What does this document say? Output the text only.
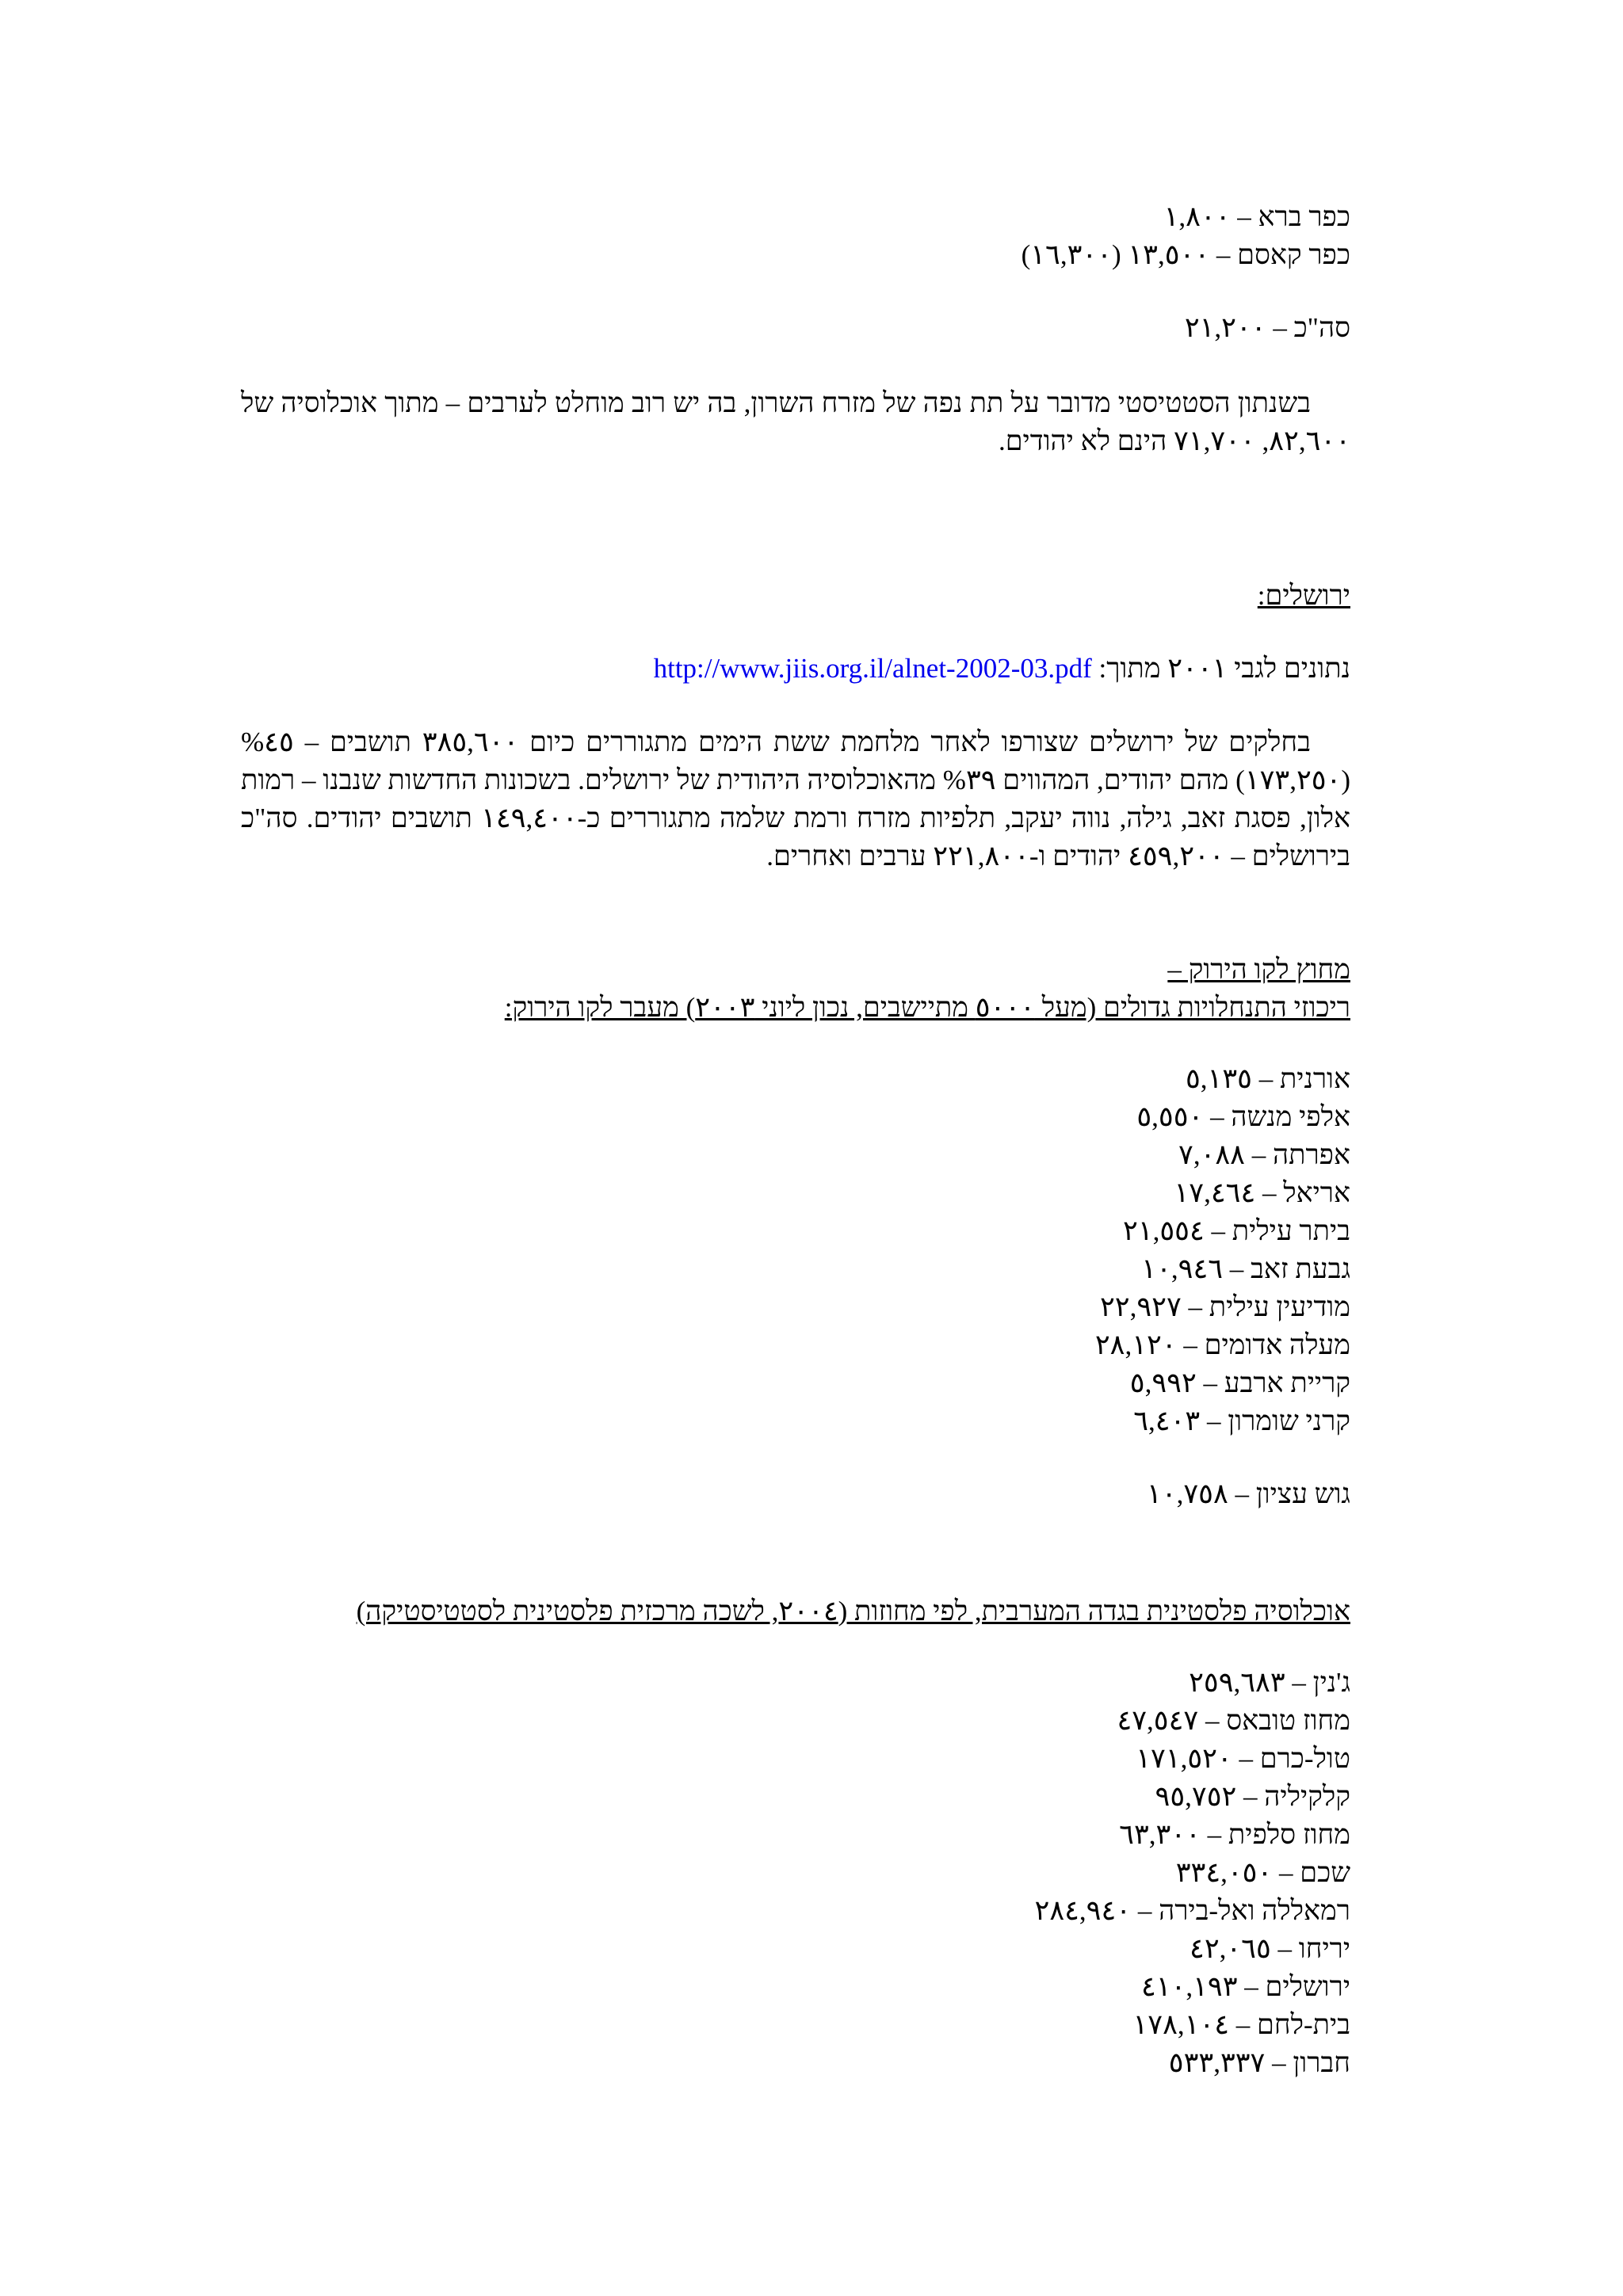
כפר ברא – ١,٨٠٠
כפר קאסם – ١٣,٥٠٠ (١٦,٣٠٠)
סה"כ – ٢١,٢٠٠
בשנתון הסטטיסטי מדובר על תת נפה של מזרח השרון, בה יש רוב מוחלט לערבים – מתוך אוכלוסיה של ٨٢,٦٠٠, ٧١,٧٠٠ הינם לא יהודים.
ירושלים:
נתונים לגבי ٢٠٠١ מתוך: http://www.jiis.org.il/alnet-2002-03.pdf
בחלקים של ירושלים שצורפו לאחר מלחמת ששת הימים מתגוררים כיום ٣٨٥,٦٠٠ תושבים – ٤٥% (١٧٣,٢٥٠) מהם יהודים, המהווים ٣٩% מהאוכלוסיה היהודית של ירושלים. בשכונות החדשות שנבנו – רמות אלון, פסגת זאב, גילה, נווה יעקב, תלפיות מזרח ורמת שלמה מתגוררים כ-١٤٩,٤٠٠ תושבים יהודים. סה"כ בירושלים – ٤٥٩,٢٠٠ יהודים ו-٢٢١,٨٠٠ ערבים ואחרים.
מחוץ לקו הירוק –
ריכוזי התנחלויות גדולים (מעל ٥٠٠٠ מתיישבים, נכון ליוני ٢٠٠٣) מעבר לקו הירוק:
אורנית – ٥,١٣٥
אלפי מנשה – ٥,٥٥٠
אפרתה – ٧,٠٨٨
אריאל – ١٧,٤٦٤
ביתר עילית – ٢١,٥٥٤
גבעת זאב – ١٠,٩٤٦
מודיעין עילית – ٢٢,٩٢٧
מעלה אדומים – ٢٨,١٢٠
קריית ארבע – ٥,٩٩٢
קרני שומרון – ٦,٤٠٣
גוש עציון – ١٠,٧٥٨
אוכלוסיה פלסטינית בגדה המערבית, לפי מחוזות (٢٠٠٤, לשכה מרכזית פלסטינית לסטטיסטיקה)
ג'נין – ٢٥٩,٦٨٣
מחוז טובאס – ٤٧,٥٤٧
טול-כרם – ١٧١,٥٢٠
קלקיליה – ٩٥,٧٥٢
מחוז סלפית – ٦٣,٣٠٠
שכם – ٣٣٤,٠٥٠
רמאללה ואל-בירה – ٢٨٤,٩٤٠
יריחו – ٤٢,٠٦٥
ירושלים – ٤١٠,١٩٣
בית-לחם – ١٧٨,١٠٤
חברון – ٥٣٣,٣٣٧
